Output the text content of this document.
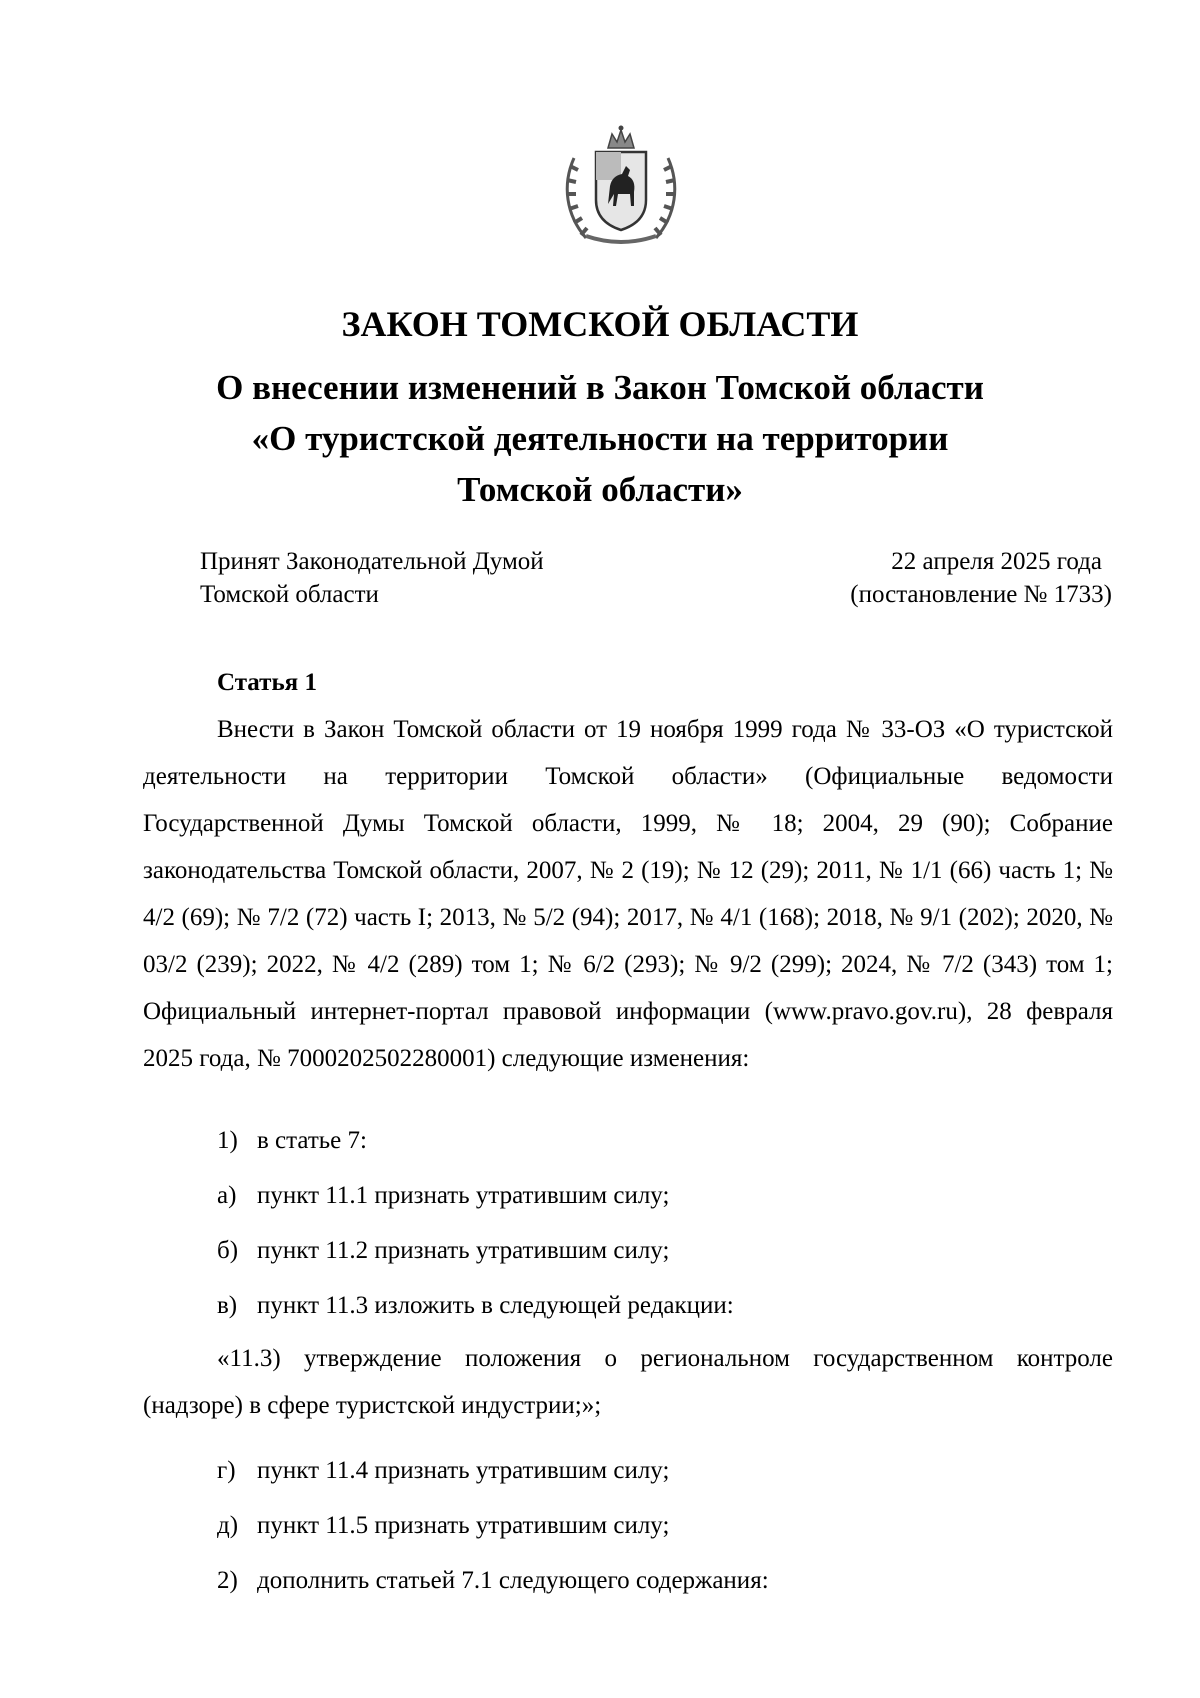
ЗАКОН ТОМСКОЙ ОБЛАСТИ
О внесении изменений в Закон Томской области
«О туристской деятельности на территории
Томской области»
Принят Законодательной Думой
Томской области
22 апреля 2025 года
(постановление № 1733)
Статья 1

Внести в Закон Томской области от 19 ноября 1999 года № 33-ОЗ «О туристской деятельности на территории Томской области» (Официальные ведомости Государственной Думы Томской области, 1999, № 18; 2004, 29 (90); Собрание законодательства Томской области, 2007, № 2 (19); № 12 (29); 2011, № 1/1 (66) часть 1; № 4/2 (69); № 7/2 (72) часть I; 2013, № 5/2 (94); 2017, № 4/1 (168); 2018, № 9/1 (202); 2020, № 03/2 (239); 2022, № 4/2 (289) том 1; № 6/2 (293); № 9/2 (299); 2024, № 7/2 (343) том 1; Официальный интернет-портал правовой информации (www.pravo.gov.ru), 28 февраля 2025 года, № 7000202502280001) следующие изменения:

1) в статье 7:
а) пункт 11.1 признать утратившим силу;
б) пункт 11.2 признать утратившим силу;
в) пункт 11.3 изложить в следующей редакции:

«11.3) утверждение положения о региональном государственном контроле (надзоре) в сфере туристской индустрии;»;

г) пункт 11.4 признать утратившим силу;
д) пункт 11.5 признать утратившим силу;
2) дополнить статьей 7.1 следующего содержания:
